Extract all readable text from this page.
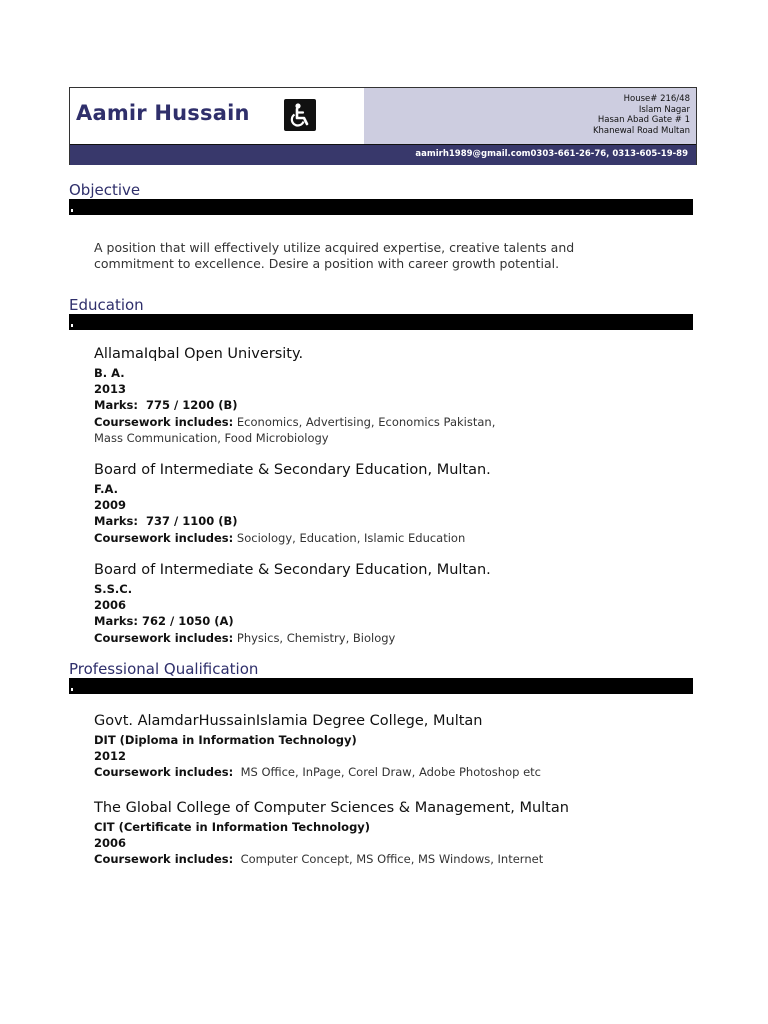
Aamir Hussain
House# 216/48
Islam Nagar
Hasan Abad Gate # 1
Khanewal Road Multan
aamirh1989@gmail.com0303-661-26-76, 0313-605-19-89
Objective
A position that will effectively utilize acquired expertise, creative talents and commitment to excellence. Desire a position with career growth potential.
Education
AllamaIqbal Open University.
B. A.
2013
Marks: 775 / 1200 (B)
Coursework includes: Economics, Advertising, Economics Pakistan,
Mass Communication, Food Microbiology
Board of Intermediate & Secondary Education, Multan.
F.A.
2009
Marks: 737 / 1100 (B)
Coursework includes: Sociology, Education, Islamic Education
Board of Intermediate & Secondary Education, Multan.
S.S.C.
2006
Marks: 762 / 1050 (A)
Coursework includes: Physics, Chemistry, Biology
Professional Qualification
Govt. AlamdarHussainIslamia Degree College, Multan
DIT (Diploma in Information Technology)
2012
Coursework includes: MS Office, InPage, Corel Draw, Adobe Photoshop etc
The Global College of Computer Sciences & Management, Multan
CIT (Certificate in Information Technology)
2006
Coursework includes: Computer Concept, MS Office, MS Windows, Internet
